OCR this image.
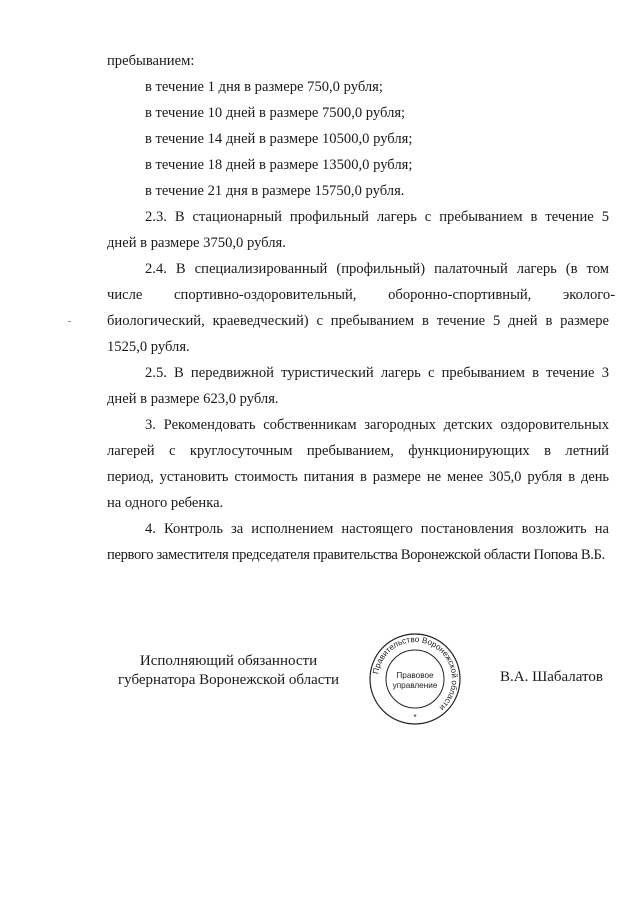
пребыванием:
в течение 1 дня в размере 750,0 рубля;
в течение 10 дней в размере 7500,0 рубля;
в течение 14 дней в размере 10500,0 рубля;
в течение 18 дней в размере 13500,0 рубля;
в течение 21 дня в размере 15750,0 рубля.
2.3. В стационарный профильный лагерь с пребыванием в течение 5
дней в размере 3750,0 рубля.
2.4. В специализированный (профильный) палаточный лагерь (в том
числе спортивно-оздоровительный, оборонно-спортивный, эколого-
биологический, краеведческий) с пребыванием в течение 5 дней в размере
1525,0 рубля.
2.5. В передвижной туристический лагерь с пребыванием в течение 3
дней в размере 623,0 рубля.
3. Рекомендовать собственникам загородных детских оздоровительных
лагерей с круглосуточным пребыванием, функционирующих в летний
период, установить стоимость питания в размере не менее 305,0 рубля в день
на одного ребенка.
4. Контроль за исполнением настоящего постановления возложить на
первого заместителя председателя правительства Воронежской области Попова В.Б.
Исполняющий обязанности
губернатора Воронежской области
Правительство Воронежской области
Правовое
управление
*
В.А. Шабалатов
